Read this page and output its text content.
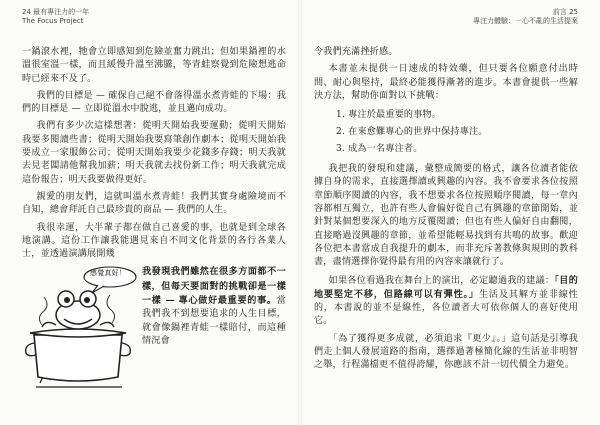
24 最有專注力的一年
The Focus Project

一鍋滾水裡，牠會立即感知到危險並奮力跳出；但如果鍋裡的水溫很室溫一樣，而且緩慢升溫至沸騰，等青蛙察覺到危險想逃命時已經來不及了。

我們的目標是 — 確保自己絕不會落得溫水煮青蛙的下場：我們的目標是 — 立即從溫水中脫逃，並且邁向成功。

我們有多少次這樣想著：從明天開始我要運動；從明天開始我要多閱讀些書；從明天開始我要寫筆創作劇本；從明天開始我要成立一家服飾公司；從明天開始我要少花錢多存錢；明天我就去見老闆請他幫我加薪；明天我就去找份新工作；明天我就完成這份報告；明天我要做得更好。

親愛的朋友們，這就叫溫水煮青蛙！我們其實身處險境而不自知，總會拜託自己最珍貴的商品 — 我們的人生。

我很幸運，大半輩子都在做自己喜愛的事，也就是到全球各地演講。這份工作讓我能遇見來自不同文化背景的各行各業人士，並透過演講展開幾

感覺真好！ 我發現我們雖然在很多方面都不一樣，但每天要面對的挑戰卻是一樣一樣 — 專心做好最重要的事。當我們我不到想要追求的人生目標，就會像鍋裡青蛙一樣賠付，而這種情況會
前言 25
專注力體驗：一心不亂的生活提案

令我們充滿挫折感。

本書並未提供一日速成的特效藥，但只要各位願意付出時間、耐心與堅持，最終必能獲得漸著的進步。本書會提供一些解決方法，幫助你面對以下挑戰：

1. 專注於最重要的事物。
2. 在來愈難專心的世界中保持專注。
3. 成為一名專注者。

我把我的發現和建議，彙整成簡要的格式，讓各位讀者能依據自身的需求，直接選擇讀或興趣的內容。我不會要求各位按照章節順序閱讀的內容，我不想要求各位按照順序閱讀，每一章內容都相互獨立，也許有些人會偏好從自己有興趣的章節開始，並針對某個想要深入的地方反覆閱讀；但也有些人偏好自由翻閱，直接略過沒興趣的章節，並希望能輕易找到有共鳴的故事。歡迎各位把本書當成自我提升的劇本，而非充斥著教條與規則的教科書，盡情選擇你覺得最有用的內容來讓就行了。

如果各位看過我在舞台上的演出，必定聽過我的建議：「目的地要堅定不移，但路線可以有彈性。」生活及其解方並非線性的，本書說的並不是線性，各位讀者大可依你個人的喜好使用它。

「為了獲得更多成就，必須追求『更少』。」這句話是引導我們走上個人發展道路的指南，選擇過著極簡化線的生活並非明智之舉，行程滿檔更不值得誇耀，你應該不計一切代價全力避免。
